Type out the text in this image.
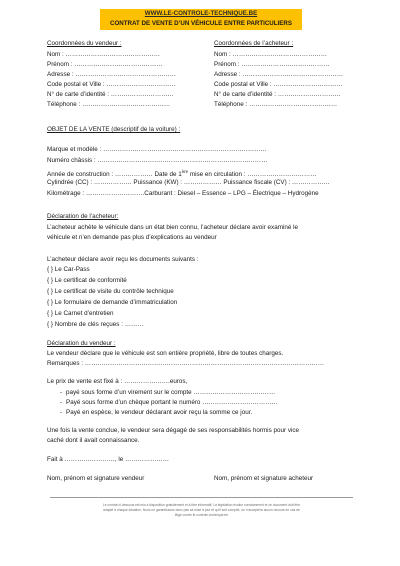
WWW.LE-CONTROLE-TECHNIQUE.BE
CONTRAT DE VENTE D’UN VÉHICULE ENTRE PARTICULIERS
Coordonnées du vendeur :
Nom : ………………………………………
Prénom : ……………………………………
Adresse : …………………………………………
Code postal et Ville : ……………………………
N° de carte d’identité : …………………………
Téléphone : ……………………………………
Coordonnées de l’acheteur :
Nom : ………………………………………
Prénom : ……………………………………
Adresse : …………………………………………
Code postal et Ville : ……………………………
N° de carte d’identité : …………………………
Téléphone : ……………………………………
OBJET DE LA VENTE (descriptif de la voiture) :
Marque et modèle : ……………………………………………………………………
Numéro châssis : ………………………………………………………………………
Année de construction : ……………… Date de 1ère mise en circulation : ……………………………
Cylindrée (CC) : ……………… Puissance (KW) : ……………… Puissance fiscale (CV) : ………………
Kilométrage : ……………………….Carburant : Diesel – Essence – LPG – Électrique – Hydrogène
Déclaration de l’acheteur:
L’acheteur achète le véhicule dans un état bien connu, l’acheteur déclare avoir examiné le
véhicule et n’en demande pas plus d’explications au vendeur
L’acheteur déclare avoir reçu les documents suivants :
{ } Le Car-Pass
{ } Le certificat de conformité
{ } Le certificat de visite du contrôle technique
{ } Le formulaire de demande d’immatriculation
{ } Le Carnet d’entretien
{ } Nombre de clés reçues : ………
Déclaration du vendeur :
Le vendeur déclare que le véhicule est son entière propriété, libre de toutes charges.
Remarques : ……………………………………………………………………………………………………
Le prix de vente est fixé à : ………………….euros,
- payé sous forme d’un virement sur le compte …………………………………
- Payé sous forme d’un chèque portant le numéro ………………………………
- Payé en espèce, le vendeur déclarant avoir reçu la somme ce jour.
Une fois la vente conclue, le vendeur sera dégagé de ses responsabilités hormis pour vice
caché dont il avait connaissance.
Fait à ……………………, le …………………
Nom, prénom et signature vendeur	Nom, prénom et signature acheteur
Le contrat ci-dessous est mis à disposition gratuitement et à titre informatif. La législation évolue constamment et ce document doit être
adapté à chaque situation. Nous ne garantissons donc pas sa mise à jour et qu’il soit complet, on n’acceptera aucun recours en cas de
litige contre le-controle-technique.be
